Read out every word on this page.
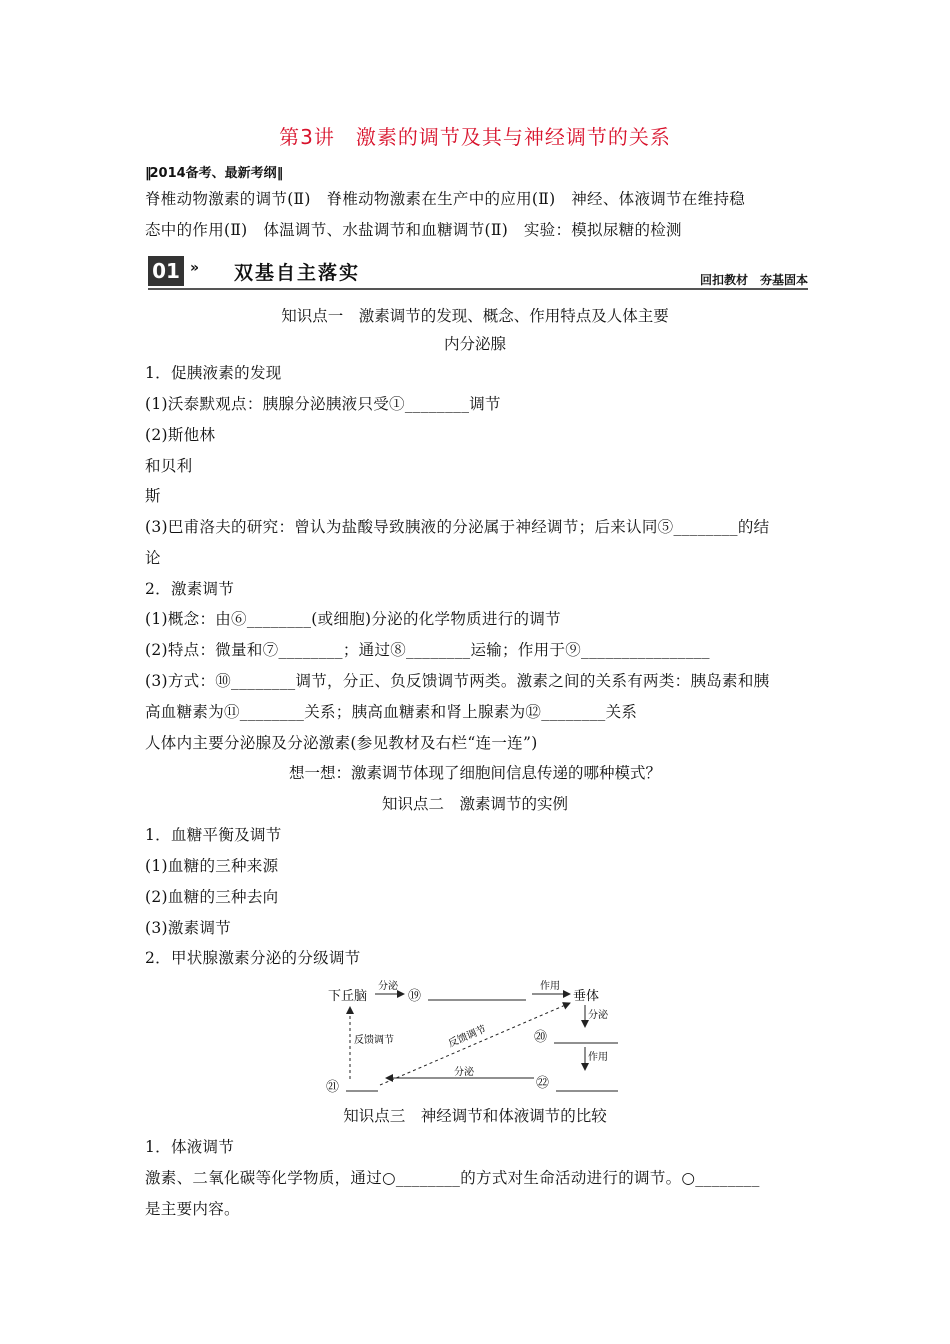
第3讲　激素的调节及其与神经调节的关系
‖2014备考、最新考纲‖
脊椎动物激素的调节(Ⅱ)　脊椎动物激素在生产中的应用(Ⅱ)　神经、体液调节在维持稳
态中的作用(Ⅱ)　体温调节、水盐调节和血糖调节(Ⅱ)　实验：模拟尿糖的检测
01 » 双基自主落实	回扣教材　夯基固本
知识点一　激素调节的发现、概念、作用特点及人体主要
内分泌腺
1．促胰液素的发现
(1)沃泰默观点：胰腺分泌胰液只受①________调节
(2)斯他林
和贝利
斯
(3)巴甫洛夫的研究：曾认为盐酸导致胰液的分泌属于神经调节；后来认同⑤________的结
论
2．激素调节
(1)概念：由⑥________(或细胞)分泌的化学物质进行的调节
(2)特点：微量和⑦________；通过⑧________运输；作用于⑨________________
(3)方式：⑩________调节，分正、负反馈调节两类。激素之间的关系有两类：胰岛素和胰
高血糖素为⑪________关系；胰高血糖素和肾上腺素为⑫________关系
人体内主要分泌腺及分泌激素(参见教材及右栏“连一连”)
想一想：激素调节体现了细胞间信息传递的哪种模式？
知识点二　激素调节的实例
1．血糖平衡及调节
(1)血糖的三种来源
(2)血糖的三种去向
(3)激素调节
2．甲状腺激素分泌的分级调节
下丘脑
分泌
⑲
作用
垂体
分泌
⑳
作用
㉒
分泌
㉑
反馈调节	反馈调节
知识点三　神经调节和体液调节的比较
1．体液调节
激素、二氧化碳等化学物质，通过○________的方式对生命活动进行的调节。○________
是主要内容。
